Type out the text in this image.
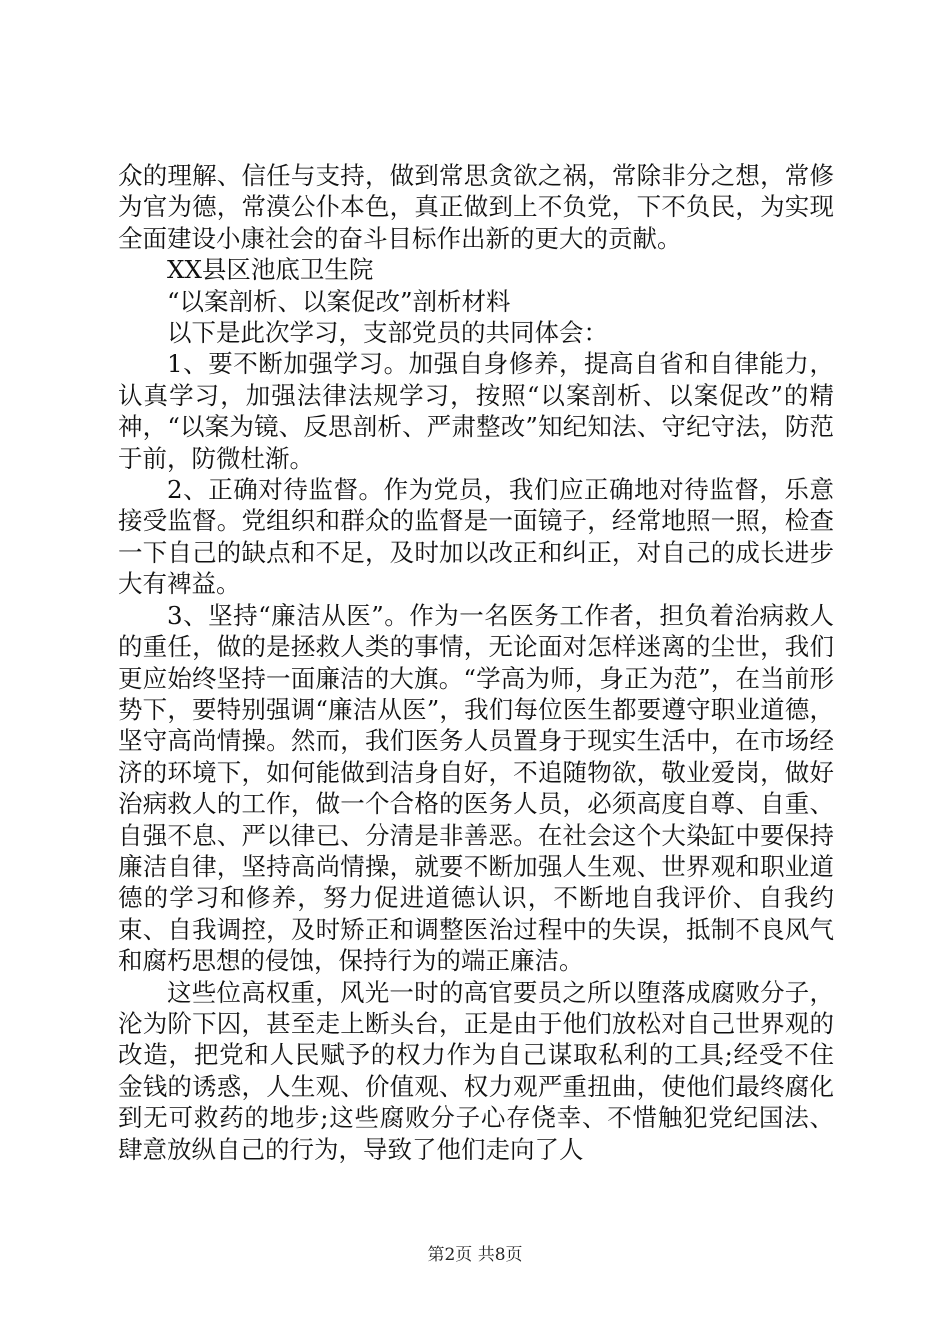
众的理解、信任与支持，做到常思贪欲之祸，常除非分之想，常修为官为德，常漠公仆本色，真正做到上不负党，下不负民，为实现全面建设小康社会的奋斗目标作出新的更大的贡献。

XX县区池底卫生院

“以案剖析、以案促改”剖析材料

以下是此次学习，支部党员的共同体会：

1、要不断加强学习。加强自身修养，提高自省和自律能力，认真学习，加强法律法规学习，按照“以案剖析、以案促改”的精神，“以案为镜、反思剖析、严肃整改”知纪知法、守纪守法，防范于前，防微杜渐。

2、正确对待监督。作为党员，我们应正确地对待监督，乐意接受监督。党组织和群众的监督是一面镜子，经常地照一照，检查一下自己的缺点和不足，及时加以改正和纠正，对自己的成长进步大有裨益。

3、坚持“廉洁从医”。作为一名医务工作者，担负着治病救人的重任，做的是拯救人类的事情，无论面对怎样迷离的尘世，我们更应始终坚持一面廉洁的大旗。“学高为师，身正为范”，在当前形势下，要特别强调“廉洁从医”，我们每位医生都要遵守职业道德，坚守高尚情操。然而，我们医务人员置身于现实生活中，在市场经济的环境下，如何能做到洁身自好，不追随物欲，敬业爱岗，做好治病救人的工作，做一个合格的医务人员，必须高度自尊、自重、自强不息、严以律已、分清是非善恶。在社会这个大染缸中要保持廉洁自律，坚持高尚情操，就要不断加强人生观、世界观和职业道德的学习和修养，努力促进道德认识，不断地自我评价、自我约束、自我调控，及时矫正和调整医治过程中的失误，抵制不良风气和腐朽思想的侵蚀，保持行为的端正廉洁。

这些位高权重，风光一时的高官要员之所以堕落成腐败分子，沦为阶下囚，甚至走上断头台，正是由于他们放松对自己世界观的改造，把党和人民赋予的权力作为自己谋取私利的工具;经受不住金钱的诱惑，人生观、价值观、权力观严重扭曲，使他们最终腐化到无可救药的地步;这些腐败分子心存侥幸、不惜触犯党纪国法、肆意放纵自己的行为，导致了他们走向了人

第2页 共8页
